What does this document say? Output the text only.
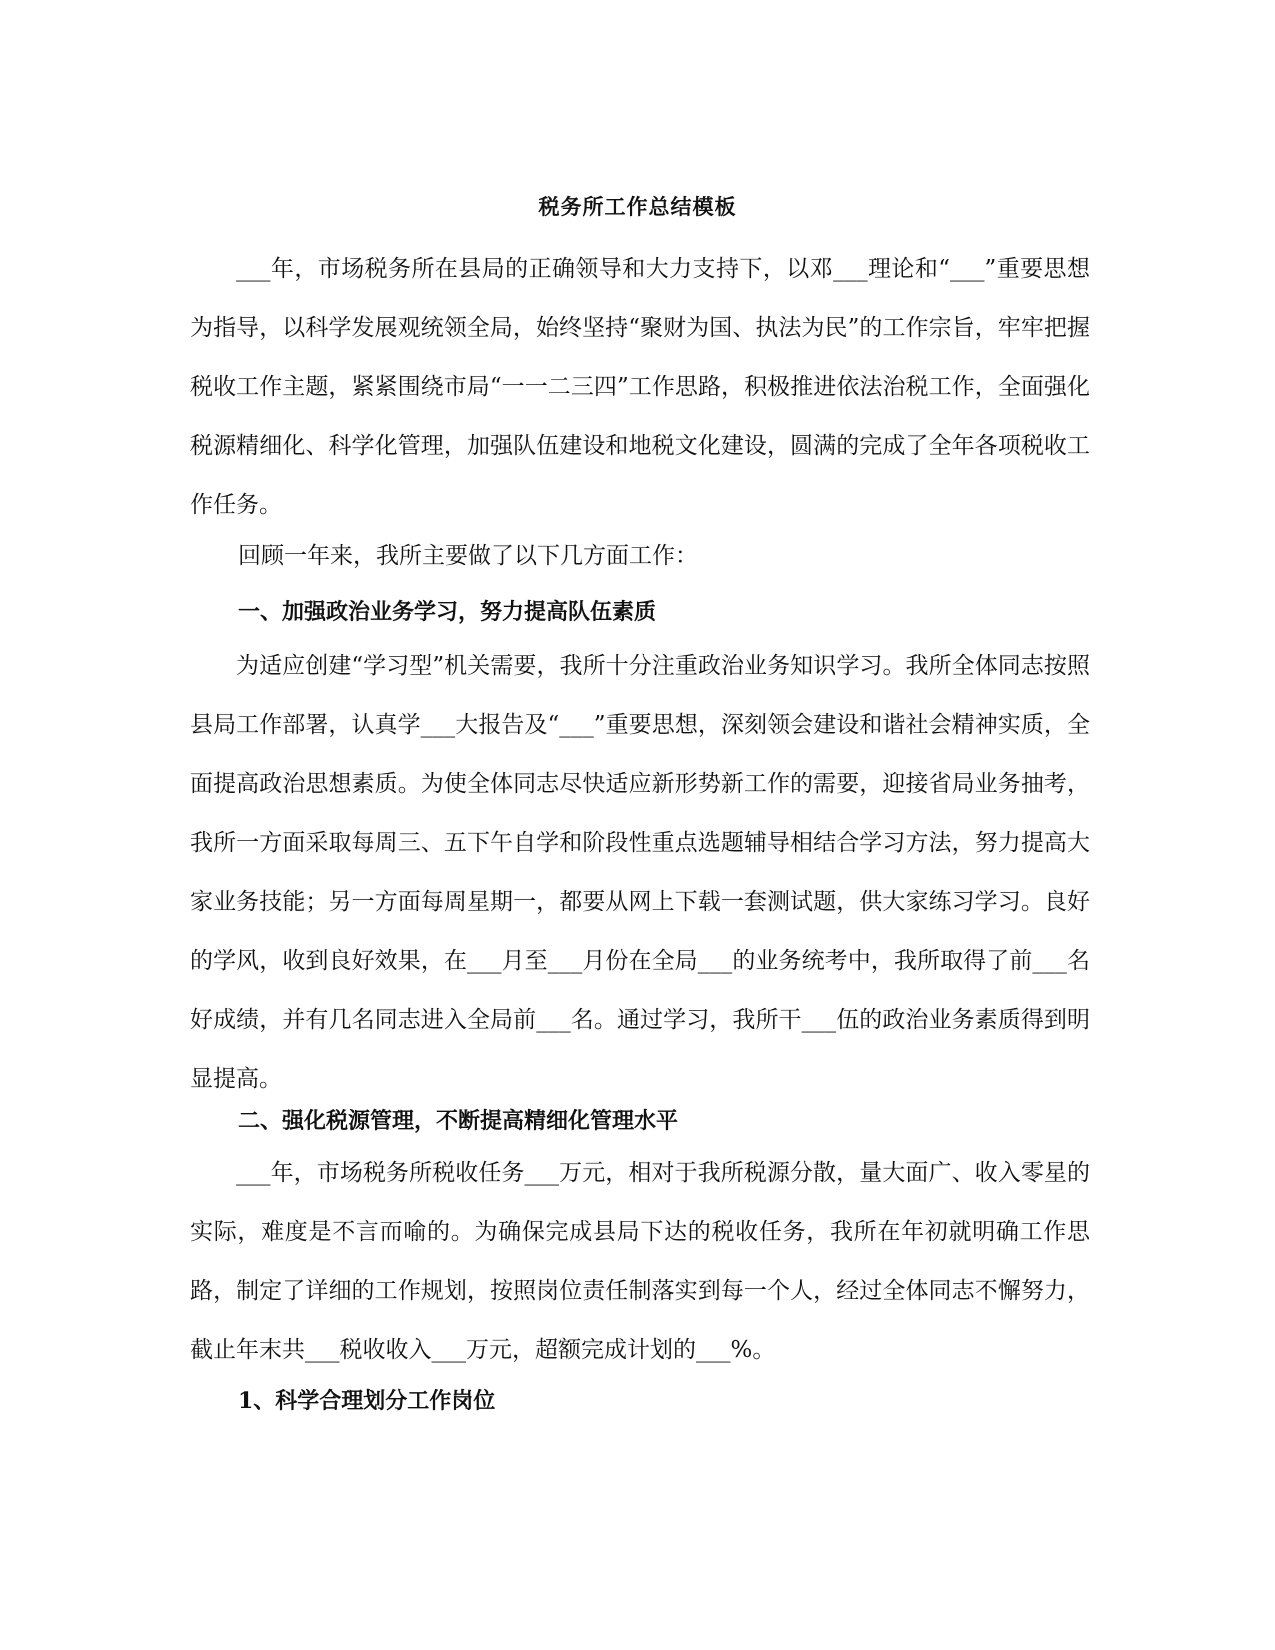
税务所工作总结模板

___年，市场税务所在县局的正确领导和大力支持下，以邓___理论和“___”重要思想为指导，以科学发展观统领全局，始终坚持“聚财为国、执法为民”的工作宗旨，牢牢把握税收工作主题，紧紧围绕市局“一一二三四”工作思路，积极推进依法治税工作，全面强化税源精细化、科学化管理，加强队伍建设和地税文化建设，圆满的完成了全年各项税收工作任务。

回顾一年来，我所主要做了以下几方面工作：
一、加强政治业务学习，努力提高队伍素质

为适应创建“学习型”机关需要，我所十分注重政治业务知识学习。我所全体同志按照县局工作部署，认真学___大报告及“___”重要思想，深刻领会建设和谐社会精神实质，全面提高政治思想素质。为使全体同志尽快适应新形势新工作的需要，迎接省局业务抽考，我所一方面采取每周三、五下午自学和阶段性重点选题辅导相结合学习方法，努力提高大家业务技能；另一方面每周星期一，都要从网上下载一套测试题，供大家练习学习。良好的学风，收到良好效果，在___月至___月份在全局___的业务统考中，我所取得了前___名好成绩，并有几名同志进入全局前___名。通过学习，我所干___伍的政治业务素质得到明显提高。

二、强化税源管理，不断提高精细化管理水平

___年，市场税务所税收任务___万元，相对于我所税源分散，量大面广、收入零星的实际，难度是不言而喻的。为确保完成县局下达的税收任务，我所在年初就明确工作思路，制定了详细的工作规划，按照岗位责任制落实到每一个人，经过全体同志不懈努力，截止年末共___税收收入___万元，超额完成计划的___%。

1、科学合理划分工作岗位
